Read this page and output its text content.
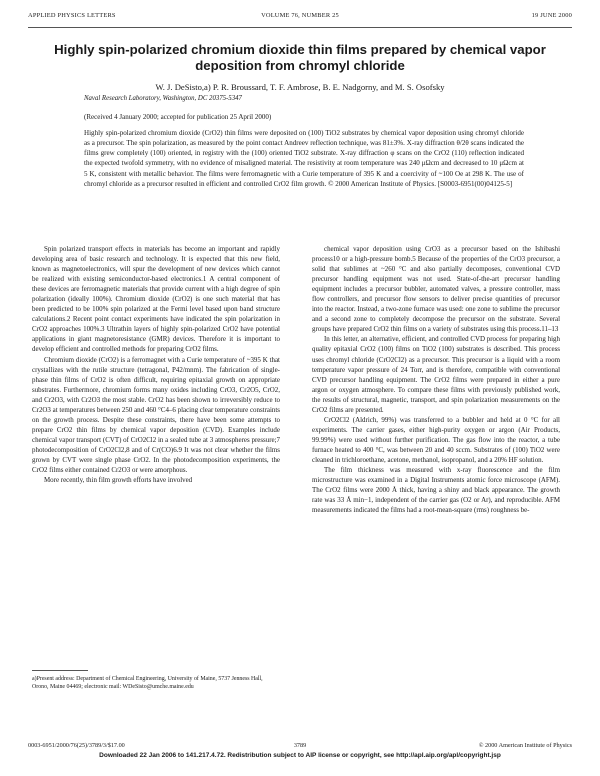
APPLIED PHYSICS LETTERS	VOLUME 76, NUMBER 25	19 JUNE 2000
Highly spin-polarized chromium dioxide thin films prepared by chemical vapor deposition from chromyl chloride
W. J. DeSisto,a) P. R. Broussard, T. F. Ambrose, B. E. Nadgorny, and M. S. Osofsky
Naval Research Laboratory, Washington, DC 20375-5347
(Received 4 January 2000; accepted for publication 25 April 2000)

Highly spin-polarized chromium dioxide (CrO2) thin films were deposited on (100) TiO2 substrates by chemical vapor deposition using chromyl chloride as a precursor. The spin polarization, as measured by the point contact Andreev reflection technique, was 81±3%. X-ray diffraction θ/2θ scans indicated the films grew completely (100) oriented, in registry with the (100) oriented TiO2 substrate. X-ray diffraction φ scans on the CrO2 (110) reflection indicated the expected twofold symmetry, with no evidence of misaligned material. The resistivity at room temperature was 240 μΩcm and decreased to 10 μΩcm at 5 K, consistent with metallic behavior. The films were ferromagnetic with a Curie temperature of 395 K and a coercivity of ~100 Oe at 298 K. The use of chromyl chloride as a precursor resulted in efficient and controlled CrO2 film growth. © 2000 American Institute of Physics. [S0003-6951(00)04125-5]

Spin polarized transport effects in materials has become an important and rapidly developing area of basic research and technology. It is expected that this new field, known as magnetoelectronics, will spur the development of new devices which cannot be realized with existing semiconductor-based electronics.1 A central component of these devices are ferromagnetic materials that provide current with a high degree of spin polarization (ideally 100%). Chromium dioxide (CrO2) is one such material that has been predicted to be 100% spin polarized at the Fermi level based upon band structure calculations.2 Recent point contact experiments have indicated the spin polarization in CrO2 approaches 100%.3 Ultrathin layers of highly spin-polarized CrO2 have potential applications in giant magnetoresistance (GMR) devices. Therefore it is important to develop efficient and controlled methods for preparing CrO2 films.

Chromium dioxide (CrO2) is a ferromagnet with a Curie temperature of ~395 K that crystallizes with the rutile structure (tetragonal, P42/mnm). The fabrication of single-phase thin films of CrO2 is often difficult, requiring epitaxial growth on appropriate substrates. Furthermore, chromium forms many oxides including CrO3, Cr2O5, CrO2, and Cr2O3, with Cr2O3 the most stable. CrO2 has been shown to irreversibly reduce to Cr2O3 at temperatures between 250 and 460 °C4–6 placing clear temperature constraints on the growth process. Despite these constraints, there have been some attempts to prepare CrO2 thin films by chemical vapor deposition (CVD). Examples include chemical vapor transport (CVT) of CrO2Cl2 in a sealed tube at 3 atmospheres pressure;7 photodecomposition of CrO2Cl2,8 and of Cr(CO)6.9 It was not clear whether the films grown by CVT were single phase CrO2. In the photodecomposition experiments, the CrO2 films either contained Cr2O3 or were amorphous.

More recently, thin film growth efforts have involved

chemical vapor deposition using CrO3 as a precursor based on the Ishibashi process10 or a high-pressure bomb.5 Because of the properties of the CrO3 precursor, a solid that sublimes at ~260 °C and also partially decomposes, conventional CVD precursor handling equipment was not used. State-of-the-art precursor handling equipment includes a precursor bubbler, automated valves, a pressure controller, mass flow controllers, and precursor flow sensors to deliver precise quantities of precursor into the reactor. Instead, a two-zone furnace was used: one zone to sublime the precursor and a second zone to completely decompose the precursor on the substrate. Several groups have prepared CrO2 thin films on a variety of substrates using this process.11–13

In this letter, an alternative, efficient, and controlled CVD process for preparing high quality epitaxial CrO2 (100) films on TiO2 (100) substrates is described. This process uses chromyl chloride (CrO2Cl2) as a precursor. This precursor is a liquid with a room temperature vapor pressure of 24 Torr, and is therefore, compatible with conventional CVD precursor handling equipment. The CrO2 films were prepared in either a pure argon or oxygen atmosphere. To compare these films with previously published work, the results of structural, magnetic, transport, and spin polarization measurements on the CrO2 films are presented.

CrO2Cl2 (Aldrich, 99%) was transferred to a bubbler and held at 0 °C for all experiments. The carrier gases, either high-purity oxygen or argon (Air Products, 99.99%) were used without further purification. The gas flow into the reactor, a tube furnace heated to 400 °C, was between 20 and 40 sccm. Substrates of (100) TiO2 were cleaned in trichloroethane, acetone, methanol, isopropanol, and a 20% HF solution.

The film thickness was measured with x-ray fluorescence and the film microstructure was examined in a Digital Instruments atomic force microscope (AFM). The CrO2 films were 2000 Å thick, having a shiny and black appearance. The growth rate was 33 Å min−1, independent of the carrier gas (O2 or Ar), and reproducible. AFM measurements indicated the films had a root-mean-square (rms) roughness be-

a)Present address: Department of Chemical Engineering, University of Maine, 5737 Jenness Hall, Orono, Maine 04469; electronic mail: WDeSisto@umche.maine.edu
0003-6951/2000/76(25)/3789/3/$17.00	3789	© 2000 American Institute of Physics
Downloaded 22 Jan 2006 to 141.217.4.72. Redistribution subject to AIP license or copyright, see http://apl.aip.org/apl/copyright.jsp
